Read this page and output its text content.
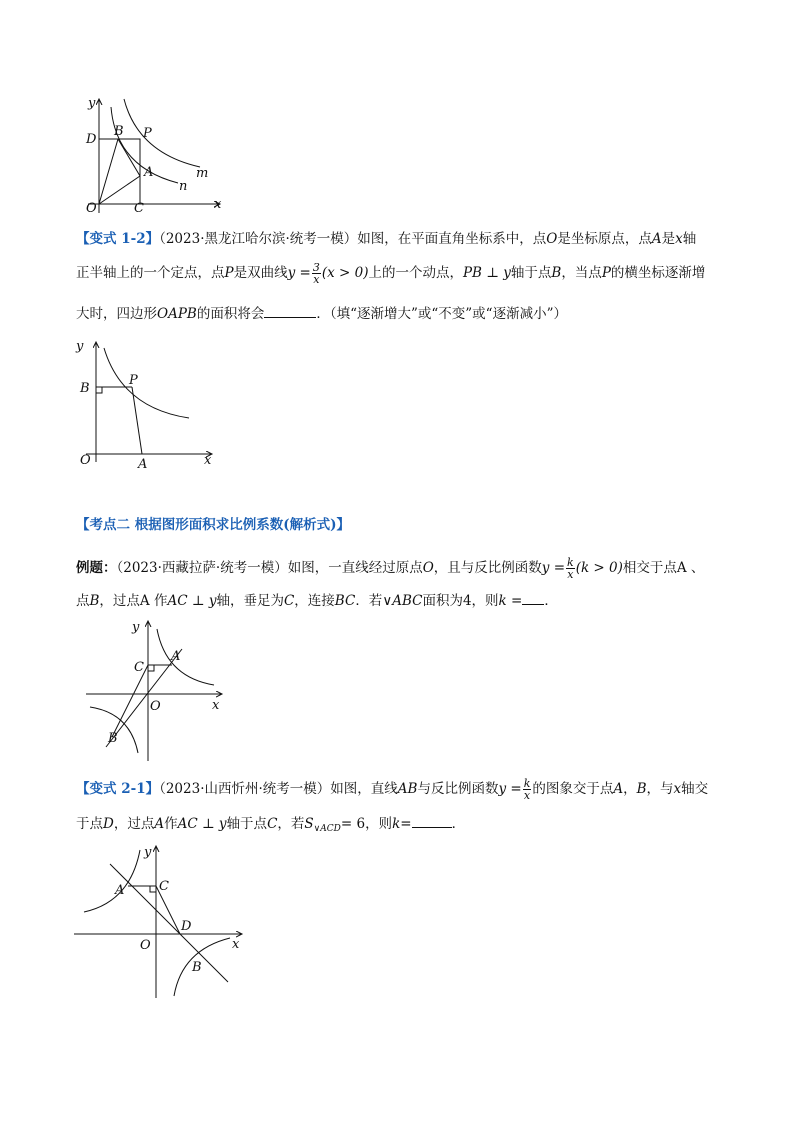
y
D
B P
m
A
n
O	C	x
【变式 1-2】（2023·黑龙江哈尔滨·统考一模）如图，在平面直角坐标系中，点O是坐标原点，点A是x轴
正半轴上的一个定点，点P是双曲线$y = \frac{3}{x} (x > 0)$上的一个动点，PB ⊥ y轴于点B，当点P的横坐标逐渐增
大时，四边形OAPB的面积将会	．（填“逐渐增大”或“不变”或“逐渐减小”）
y
B
P
O	A	x
【考点二 根据图形面积求比例系数(解析式)】
例题：（2023·西藏拉萨·统考一模）如图，一直线经过原点O，且与反比例函数$y = \frac{k}{x} (k > 0)$相交于点A 、
点B，过点A 作AC ⊥ y轴，垂足为C，连接BC．若∨ABC面积为4，则k = ．
y
C
A
O	x
B
【变式 2-1】（2023·山西忻州·统考一模）如图，直线AB与反比例函数$y = \frac{k}{x}$ 的图象交于点A，B，与x轴交
于点D，过点A作AC ⊥ y轴于点C，若$S_{\vee ACD}= 6$，则k=	．
y
A	C
D
O	x
B
